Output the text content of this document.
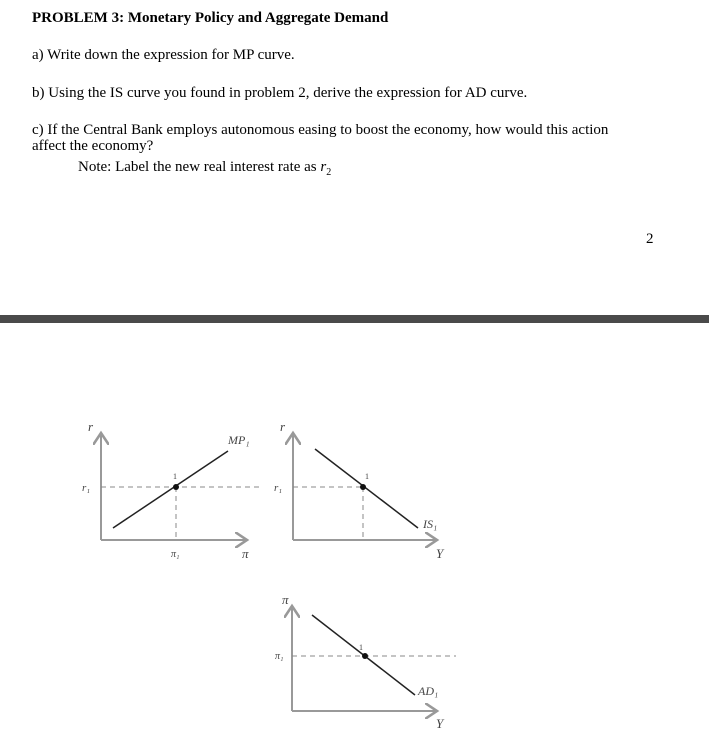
PROBLEM 3: Monetary Policy and Aggregate Demand
a) Write down the expression for MP curve.
b) Using the IS curve you found in problem 2, derive the expression for AD curve.
c) If the Central Bank employs autonomous easing to boost the economy, how would this action
affect the economy?
Note: Label the new real interest rate as $r_2$
2
r
r₁
MP₁
π₁	π
1
r
r₁
IS₁
Y
1
π
π₁
AD₁
Y
1
